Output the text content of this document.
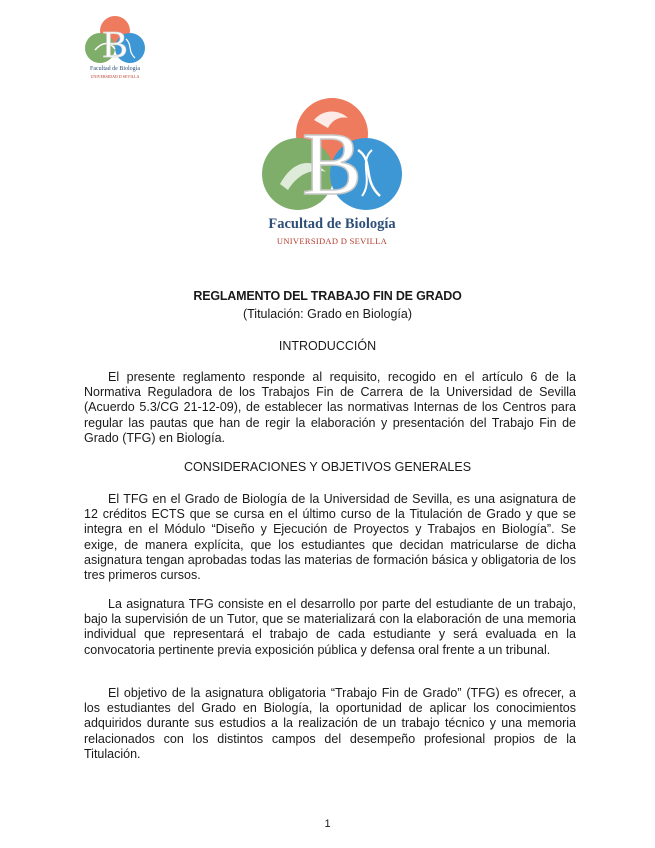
B
Facultad de Biología
UNIVERSIDAD D SEVILLA
B
Facultad de Biología
UNIVERSIDAD D SEVILLA
REGLAMENTO DEL TRABAJO FIN DE GRADO
(Titulación: Grado en Biología)
INTRODUCCIÓN

El presente reglamento responde al requisito, recogido en el artículo 6 de la Normativa Reguladora de los Trabajos Fin de Carrera de la Universidad de Sevilla (Acuerdo 5.3/CG 21-12-09), de establecer las normativas Internas de los Centros para regular las pautas que han de regir la elaboración y presentación del Trabajo Fin de Grado (TFG) en Biología.

CONSIDERACIONES Y OBJETIVOS GENERALES

El TFG en el Grado de Biología de la Universidad de Sevilla, es una asignatura de 12 créditos ECTS que se cursa en el último curso de la Titulación de Grado y que se integra en el Módulo “Diseño y Ejecución de Proyectos y Trabajos en Biología”. Se exige, de manera explícita, que los estudiantes que decidan matricularse de dicha asignatura tengan aprobadas todas las materias de formación básica y obligatoria de los tres primeros cursos.

La asignatura TFG consiste en el desarrollo por parte del estudiante de un trabajo, bajo la supervisión de un Tutor, que se materializará con la elaboración de una memoria individual que representará el trabajo de cada estudiante y será evaluada en la convocatoria pertinente previa exposición pública y defensa oral frente a un tribunal.

El objetivo de la asignatura obligatoria “Trabajo Fin de Grado” (TFG) es ofrecer, a los estudiantes del Grado en Biología, la oportunidad de aplicar los conocimientos adquiridos durante sus estudios a la realización de un trabajo técnico y una memoria relacionados con los distintos campos del desempeño profesional propios de la Titulación.

1
